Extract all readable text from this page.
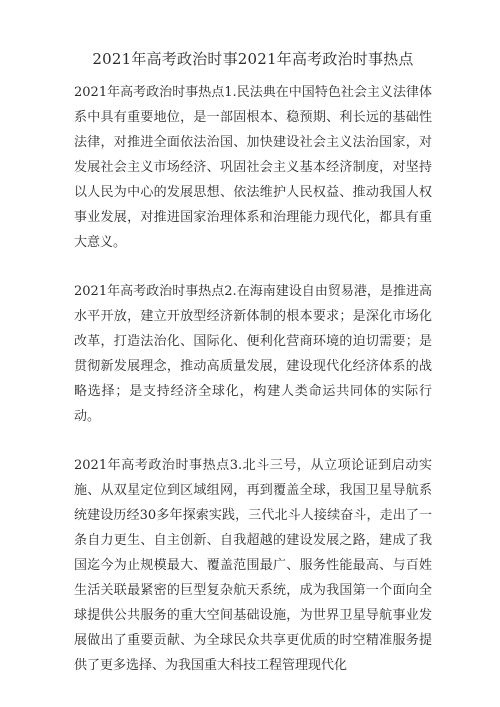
2021年高考政治时事2021年高考政治时事热点

2021年高考政治时事热点1.民法典在中国特色社会主义法律体系中具有重要地位，是一部固根本、稳预期、利长远的基础性法律，对推进全面依法治国、加快建设社会主义法治国家，对发展社会主义市场经济、巩固社会主义基本经济制度，对坚持以人民为中心的发展思想、依法维护人民权益、推动我国人权事业发展，对推进国家治理体系和治理能力现代化，都具有重大意义。

2021年高考政治时事热点2.在海南建设自由贸易港，是推进高水平开放，建立开放型经济新体制的根本要求；是深化市场化改革，打造法治化、国际化、便利化营商环境的迫切需要；是贯彻新发展理念，推动高质量发展，建设现代化经济体系的战略选择；是支持经济全球化，构建人类命运共同体的实际行动。

2021年高考政治时事热点3.北斗三号，从立项论证到启动实施、从双星定位到区域组网，再到覆盖全球，我国卫星导航系统建设历经30多年探索实践，三代北斗人接续奋斗，走出了一条自力更生、自主创新、自我超越的建设发展之路，建成了我国迄今为止规模最大、覆盖范围最广、服务性能最高、与百姓生活关联最紧密的巨型复杂航天系统，成为我国第一个面向全球提供公共服务的重大空间基础设施，为世界卫星导航事业发展做出了重要贡献、为全球民众共享更优质的时空精准服务提供了更多选择、为我国重大科技工程管理现代化
